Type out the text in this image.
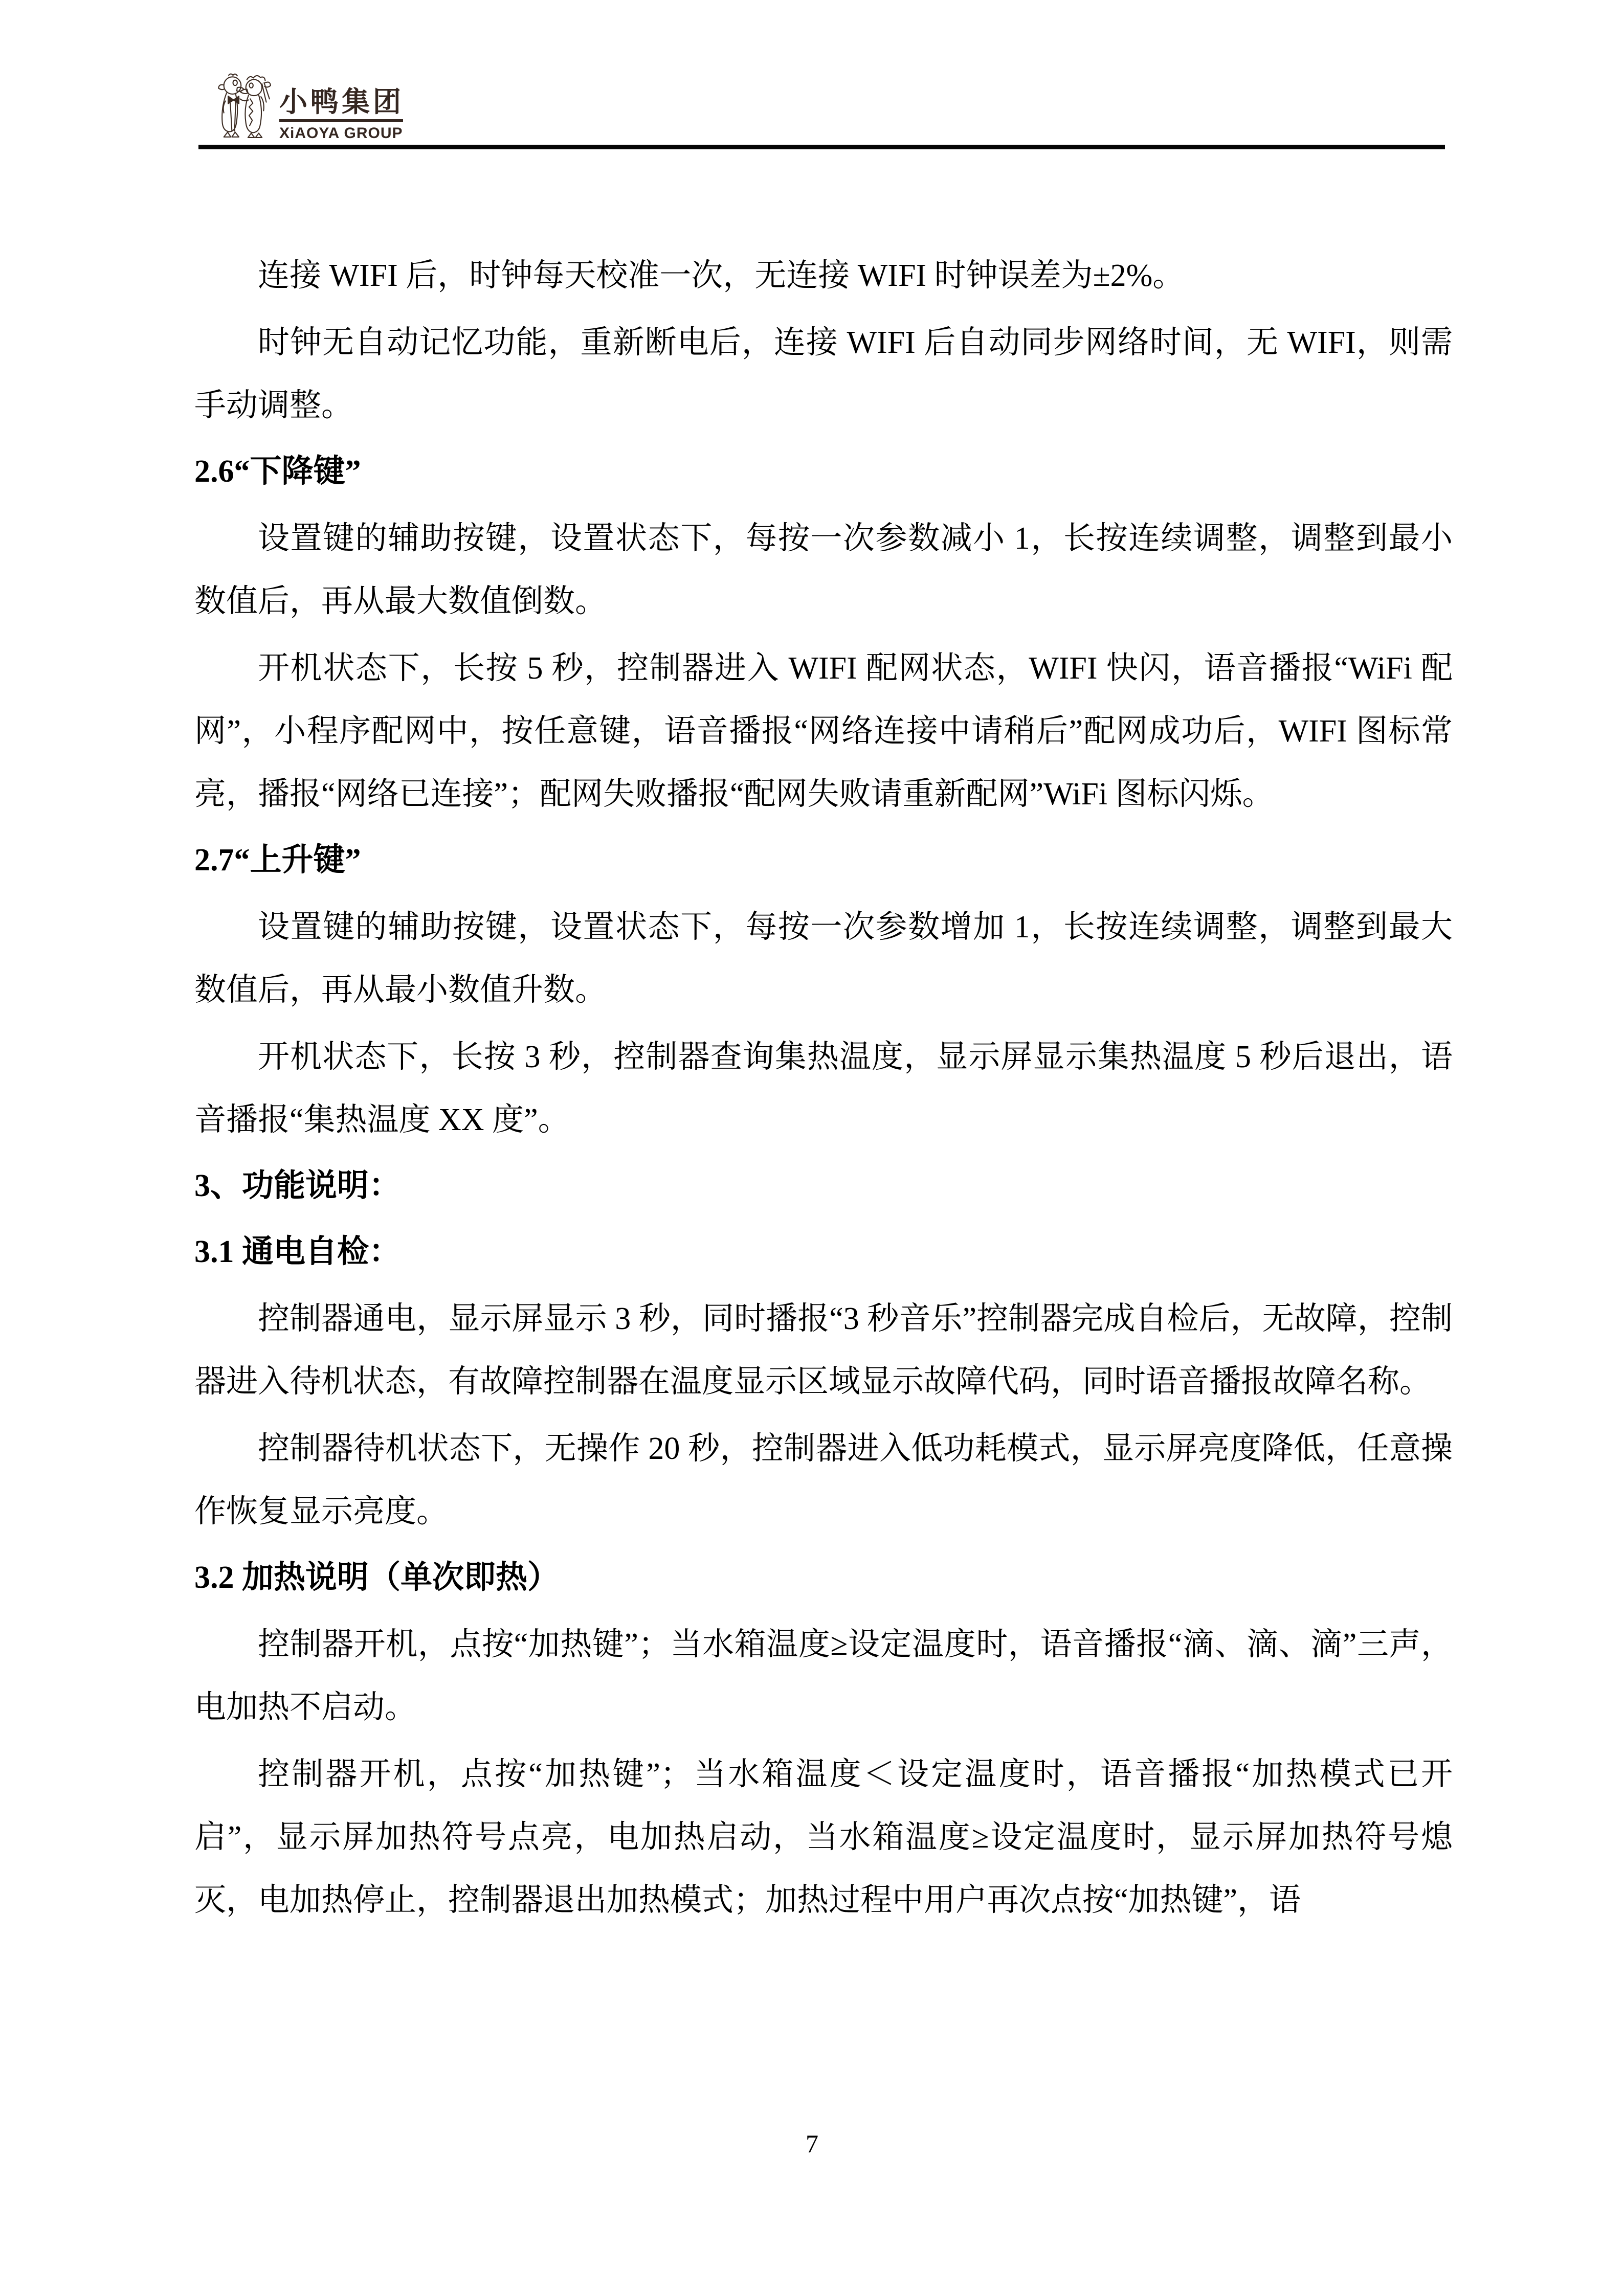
小鸭集团
XiAOYA GROUP

连接 WIFI 后，时钟每天校准一次，无连接 WIFI 时钟误差为±2%。

时钟无自动记忆功能，重新断电后，连接 WIFI 后自动同步网络时间，无 WIFI，则需手动调整。

2.6“下降键”

设置键的辅助按键，设置状态下，每按一次参数减小 1，长按连续调整，调整到最小数值后，再从最大数值倒数。

开机状态下，长按 5 秒，控制器进入 WIFI 配网状态，WIFI 快闪，语音播报“WiFi 配网”，小程序配网中，按任意键，语音播报“网络连接中请稍后”配网成功后，WIFI 图标常亮，播报“网络已连接”；配网失败播报“配网失败请重新配网”WiFi 图标闪烁。

2.7“上升键”

设置键的辅助按键，设置状态下，每按一次参数增加 1，长按连续调整，调整到最大数值后，再从最小数值升数。

开机状态下，长按 3 秒，控制器查询集热温度，显示屏显示集热温度 5 秒后退出，语音播报“集热温度 XX 度”。

3、功能说明：
3.1 通电自检：

控制器通电，显示屏显示 3 秒，同时播报“3 秒音乐”控制器完成自检后，无故障，控制器进入待机状态，有故障控制器在温度显示区域显示故障代码，同时语音播报故障名称。

控制器待机状态下，无操作 20 秒，控制器进入低功耗模式，显示屏亮度降低，任意操作恢复显示亮度。

3.2 加热说明（单次即热）

控制器开机，点按“加热键”；当水箱温度≥设定温度时，语音播报“滴、滴、滴”三声，电加热不启动。

控制器开机，点按“加热键”；当水箱温度＜设定温度时，语音播报“加热模式已开启”，显示屏加热符号点亮，电加热启动，当水箱温度≥设定温度时，显示屏加热符号熄灭，电加热停止，控制器退出加热模式；加热过程中用户再次点按“加热键”，语

7
